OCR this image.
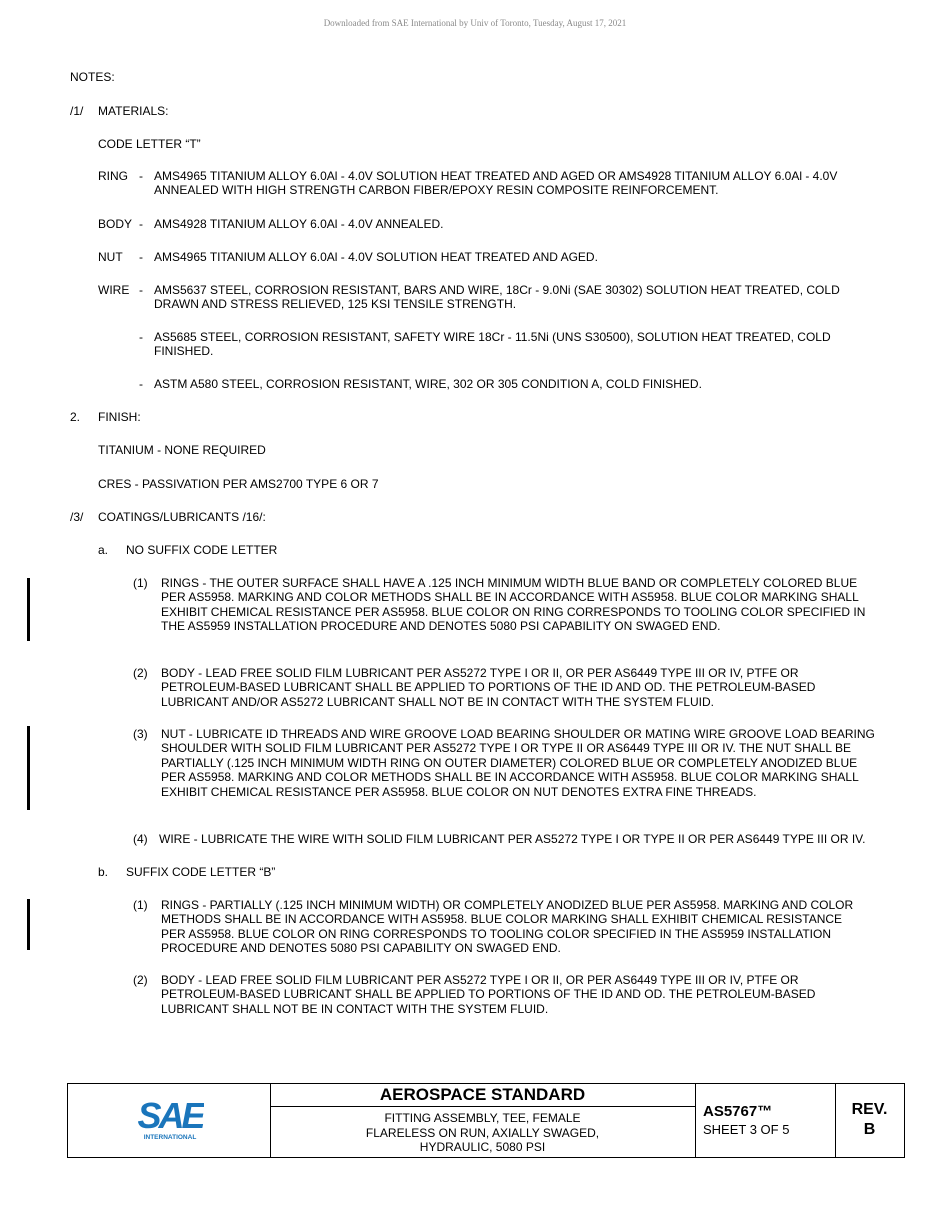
Downloaded from SAE International by Univ of Toronto, Tuesday, August 17, 2021
NOTES:
/1/ MATERIALS:
CODE LETTER “T”
RING - AMS4965 TITANIUM ALLOY 6.0Al - 4.0V SOLUTION HEAT TREATED AND AGED OR AMS4928 TITANIUM ALLOY 6.0Al - 4.0V ANNEALED WITH HIGH STRENGTH CARBON FIBER/EPOXY RESIN COMPOSITE REINFORCEMENT.
BODY - AMS4928 TITANIUM ALLOY 6.0Al - 4.0V ANNEALED.
NUT - AMS4965 TITANIUM ALLOY 6.0Al - 4.0V SOLUTION HEAT TREATED AND AGED.
WIRE - AMS5637 STEEL, CORROSION RESISTANT, BARS AND WIRE, 18Cr - 9.0Ni (SAE 30302) SOLUTION HEAT TREATED, COLD DRAWN AND STRESS RELIEVED, 125 KSI TENSILE STRENGTH.
- AS5685 STEEL, CORROSION RESISTANT, SAFETY WIRE 18Cr - 11.5Ni (UNS S30500), SOLUTION HEAT TREATED, COLD FINISHED.
- ASTM A580 STEEL, CORROSION RESISTANT, WIRE, 302 OR 305 CONDITION A, COLD FINISHED.
2. FINISH:
TITANIUM - NONE REQUIRED
CRES - PASSIVATION PER AMS2700 TYPE 6 OR 7
/3/ COATINGS/LUBRICANTS /16/:
a. NO SUFFIX CODE LETTER
(1) RINGS - THE OUTER SURFACE SHALL HAVE A .125 INCH MINIMUM WIDTH BLUE BAND OR COMPLETELY COLORED BLUE PER AS5958. MARKING AND COLOR METHODS SHALL BE IN ACCORDANCE WITH AS5958. BLUE COLOR MARKING SHALL EXHIBIT CHEMICAL RESISTANCE PER AS5958. BLUE COLOR ON RING CORRESPONDS TO TOOLING COLOR SPECIFIED IN THE AS5959 INSTALLATION PROCEDURE AND DENOTES 5080 PSI CAPABILITY ON SWAGED END.
(2) BODY - LEAD FREE SOLID FILM LUBRICANT PER AS5272 TYPE I OR II, OR PER AS6449 TYPE III OR IV, PTFE OR PETROLEUM-BASED LUBRICANT SHALL BE APPLIED TO PORTIONS OF THE ID AND OD. THE PETROLEUM-BASED LUBRICANT AND/OR AS5272 LUBRICANT SHALL NOT BE IN CONTACT WITH THE SYSTEM FLUID.
(3) NUT - LUBRICATE ID THREADS AND WIRE GROOVE LOAD BEARING SHOULDER OR MATING WIRE GROOVE LOAD BEARING SHOULDER WITH SOLID FILM LUBRICANT PER AS5272 TYPE I OR TYPE II OR AS6449 TYPE III OR IV. THE NUT SHALL BE PARTIALLY (.125 INCH MINIMUM WIDTH RING ON OUTER DIAMETER) COLORED BLUE OR COMPLETELY ANODIZED BLUE PER AS5958. MARKING AND COLOR METHODS SHALL BE IN ACCORDANCE WITH AS5958. BLUE COLOR MARKING SHALL EXHIBIT CHEMICAL RESISTANCE PER AS5958. BLUE COLOR ON NUT DENOTES EXTRA FINE THREADS.
(4) WIRE - LUBRICATE THE WIRE WITH SOLID FILM LUBRICANT PER AS5272 TYPE I OR TYPE II OR PER AS6449 TYPE III OR IV.
b. SUFFIX CODE LETTER “B”
(1) RINGS - PARTIALLY (.125 INCH MINIMUM WIDTH) OR COMPLETELY ANODIZED BLUE PER AS5958. MARKING AND COLOR METHODS SHALL BE IN ACCORDANCE WITH AS5958. BLUE COLOR MARKING SHALL EXHIBIT CHEMICAL RESISTANCE PER AS5958. BLUE COLOR ON RING CORRESPONDS TO TOOLING COLOR SPECIFIED IN THE AS5959 INSTALLATION PROCEDURE AND DENOTES 5080 PSI CAPABILITY ON SWAGED END.
(2) BODY - LEAD FREE SOLID FILM LUBRICANT PER AS5272 TYPE I OR II, OR PER AS6449 TYPE III OR IV, PTFE OR PETROLEUM-BASED LUBRICANT SHALL BE APPLIED TO PORTIONS OF THE ID AND OD. THE PETROLEUM-BASED LUBRICANT SHALL NOT BE IN CONTACT WITH THE SYSTEM FLUID.
SAE
INTERNATIONAL
AEROSPACE STANDARD
FITTING ASSEMBLY, TEE, FEMALE
FLARELESS ON RUN, AXIALLY SWAGED,
HYDRAULIC, 5080 PSI
AS5767™
SHEET 3 OF 5
REV.
B
